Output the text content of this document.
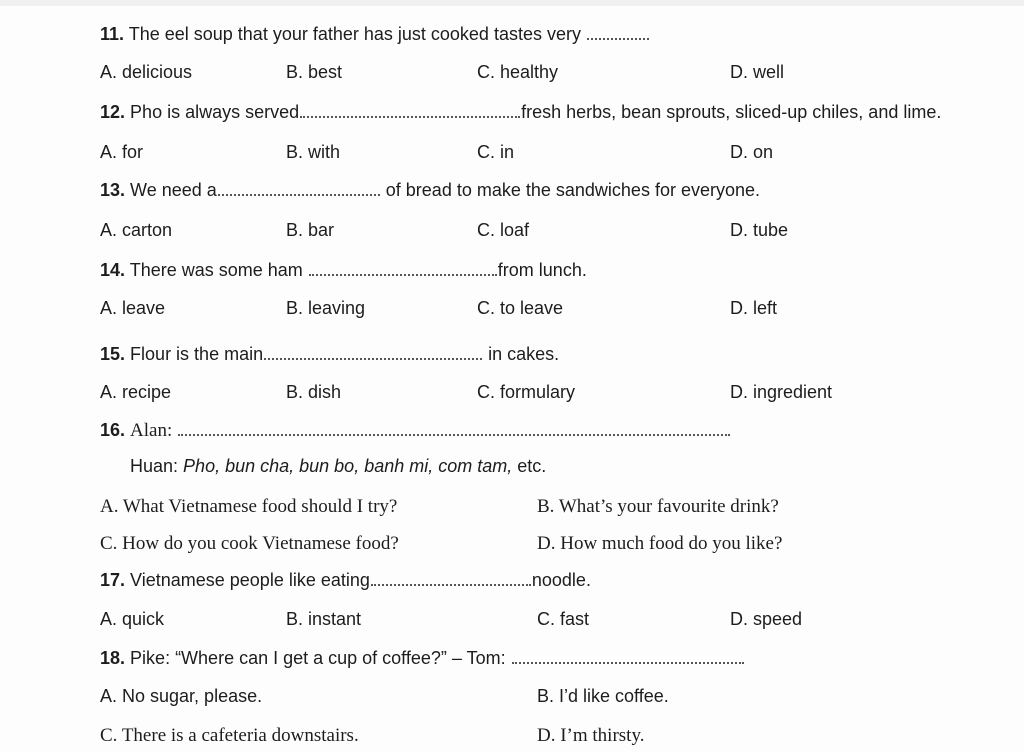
11. The eel soup that your father has just cooked tastes very
A. delicious	B. best	C. healthy	D. well
12. Pho is always served	fresh herbs, bean sprouts, sliced-up chiles, and lime.
A. for	B. with	C. in	D. on
13. We need a	of bread to make the sandwiches for everyone.
A. carton	B. bar	C. loaf	D. tube
14. There was some ham	from lunch.
A. leave	B. leaving	C. to leave	D. left
15. Flour is the main	in cakes.
A. recipe	B. dish	C. formulary	D. ingredient
16. Alan:
Huan: Pho, bun cha, bun bo, banh mi, com tam, etc.
A. What Vietnamese food should I try?	B. What’s your favourite drink?
C. How do you cook Vietnamese food?	D. How much food do you like?
17. Vietnamese people like eating	noodle.
A. quick	B. instant	C. fast	D. speed
18. Pike: “Where can I get a cup of coffee?” – Tom:
A. No sugar, please.	B. I’d like coffee.
C. There is a cafeteria downstairs.	D. I’m thirsty.
